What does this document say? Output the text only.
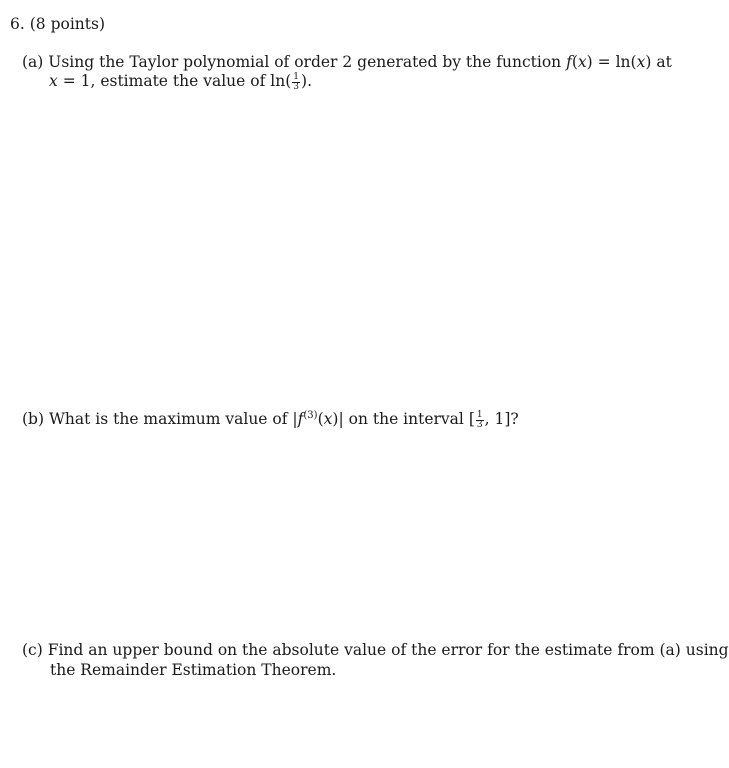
6. (8 points)
(a) Using the Taylor polynomial of order 2 generated by the function f(x) = ln(x) at
x = 1, estimate the value of $\ln( \frac{1}{3}$ ).
(b) What is the maximum value of $|f^{(3)}(x)|$ on the interval [ $\frac{1}{3}$ , 1]?
(c) Find an upper bound on the absolute value of the error for the estimate from (a) using
the Remainder Estimation Theorem.
